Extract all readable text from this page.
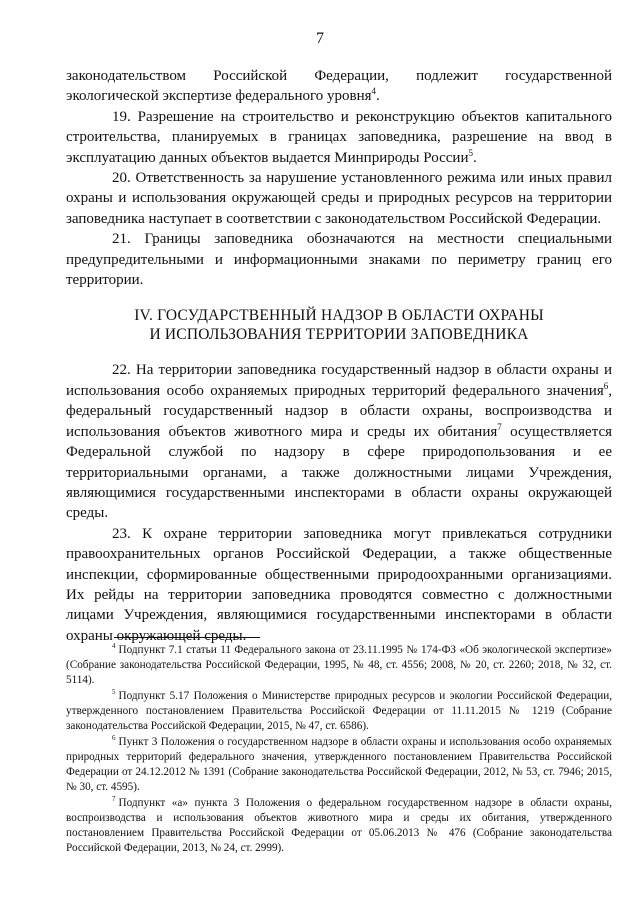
7

законодательством Российской Федерации, подлежит государственной экологической экспертизе федерального уровня$^4$.

19. Разрешение на строительство и реконструкцию объектов капитального строительства, планируемых в границах заповедника, разрешение на ввод в эксплуатацию данных объектов выдается Минприроды России$^5$.

20. Ответственность за нарушение установленного режима или иных правил охраны и использования окружающей среды и природных ресурсов на территории заповедника наступает в соответствии с законодательством Российской Федерации.

21. Границы заповедника обозначаются на местности специальными предупредительными и информационными знаками по периметру границ его территории.

IV. ГОСУДАРСТВЕННЫЙ НАДЗОР В ОБЛАСТИ ОХРАНЫ
И ИСПОЛЬЗОВАНИЯ ТЕРРИТОРИИ ЗАПОВЕДНИКА

22. На территории заповедника государственный надзор в области охраны и использования особо охраняемых природных территорий федерального значения$^6$, федеральный государственный надзор в области охраны, воспроизводства и использования объектов животного мира и среды их обитания$^7$ осуществляется Федеральной службой по надзору в сфере природопользования и ее территориальными органами, а также должностными лицами Учреждения, являющимися государственными инспекторами в области охраны окружающей среды.

23. К охране территории заповедника могут привлекаться сотрудники правоохранительных органов Российской Федерации, а также общественные инспекции, сформированные общественными природоохранными организациями. Их рейды на территории заповедника проводятся совместно с должностными лицами Учреждения, являющимися государственными инспекторами в области охраны окружающей среды.

$^4$ Подпункт 7.1 статьи 11 Федерального закона от 23.11.1995 № 174-ФЗ «Об экологической экспертизе» (Собрание законодательства Российской Федерации, 1995, № 48, ст. 4556; 2008, № 20, ст. 2260; 2018, № 32, ст. 5114).

$^5$ Подпункт 5.17 Положения о Министерстве природных ресурсов и экологии Российской Федерации, утвержденного постановлением Правительства Российской Федерации от 11.11.2015 № 1219 (Собрание законодательства Российской Федерации, 2015, № 47, ст. 6586).

$^6$ Пункт 3 Положения о государственном надзоре в области охраны и использования особо охраняемых природных территорий федерального значения, утвержденного постановлением Правительства Российской Федерации от 24.12.2012 № 1391 (Собрание законодательства Российской Федерации, 2012, № 53, ст. 7946; 2015, № 30, ст. 4595).

$^7$ Подпункт «а» пункта 3 Положения о федеральном государственном надзоре в области охраны, воспроизводства и использования объектов животного мира и среды их обитания, утвержденного постановлением Правительства Российской Федерации от 05.06.2013 № 476 (Собрание законодательства Российской Федерации, 2013, № 24, ст. 2999).
